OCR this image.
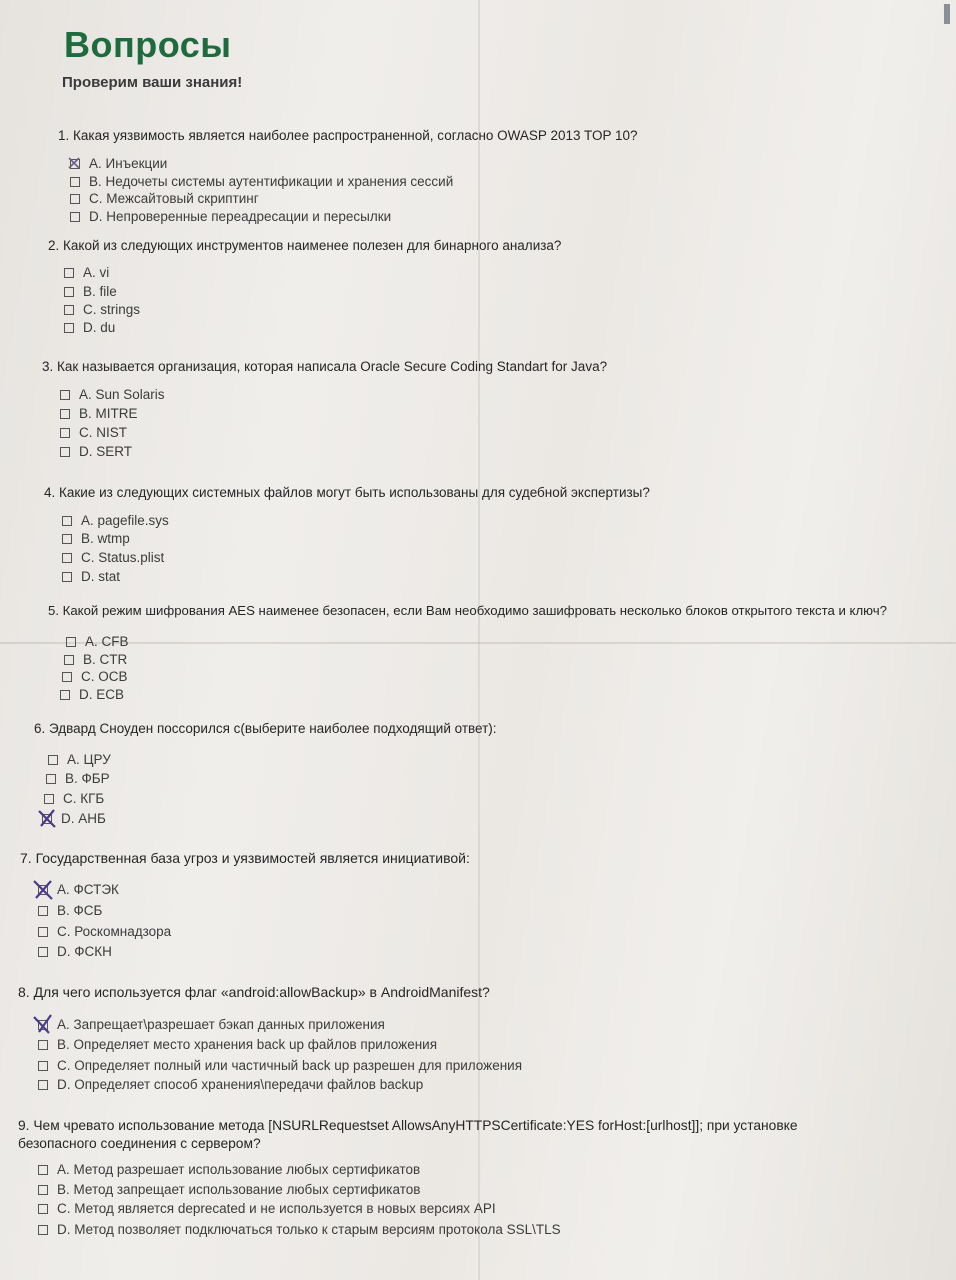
Вопросы
Проверим ваши знания!

1. Какая уязвимость является наиболее распространенной, согласно OWASP 2013 TOP 10?

A. Инъекции
B. Недочеты системы аутентификации и хранения сессий
C. Межсайтовый скриптинг
D. Непроверенные переадресации и пересылки

2. Какой из следующих инструментов наименее полезен для бинарного анализа?

A. vi
B. file
C. strings
D. du

3. Как называется организация, которая написала Oracle Secure Coding Standart for Java?

A. Sun Solaris
B. MITRE
C. NIST
D. SERT

4. Какие из следующих системных файлов могут быть использованы для судебной экспертизы?

A. pagefile.sys
B. wtmp
C. Status.plist
D. stat

5. Какой режим шифрования AES наименее безопасен, если Вам необходимо зашифровать несколько блоков открытого текста и ключ?

A. CFB
B. CTR
C. OCB
D. ECB

6. Эдвард Сноуден поссорился с(выберите наиболее подходящий ответ):

A. ЦРУ
B. ФБР
C. КГБ
D. АНБ

7. Государственная база угроз и уязвимостей является инициативой:

A. ФСТЭК
B. ФСБ
C. Роскомнадзора
D. ФСКН

8. Для чего используется флаг «android:allowBackup» в AndroidManifest?

A. Запрещает\разрешает бэкап данных приложения
B. Определяет место хранения back up файлов приложения
C. Определяет полный или частичный back up разрешен для приложения
D. Определяет способ хранения\передачи файлов backup

9. Чем чревато использование метода [NSURLRequestset AllowsAnyHTTPSCertificate:YES forHost:[urlhost]]; при установке безопасного соединения с сервером?

A. Метод разрешает использование любых сертификатов
B. Метод запрещает использование любых сертификатов
C. Метод является deprecated и не используется в новых версиях API
D. Метод позволяет подключаться только к старым версиям протокола SSL\TLS
